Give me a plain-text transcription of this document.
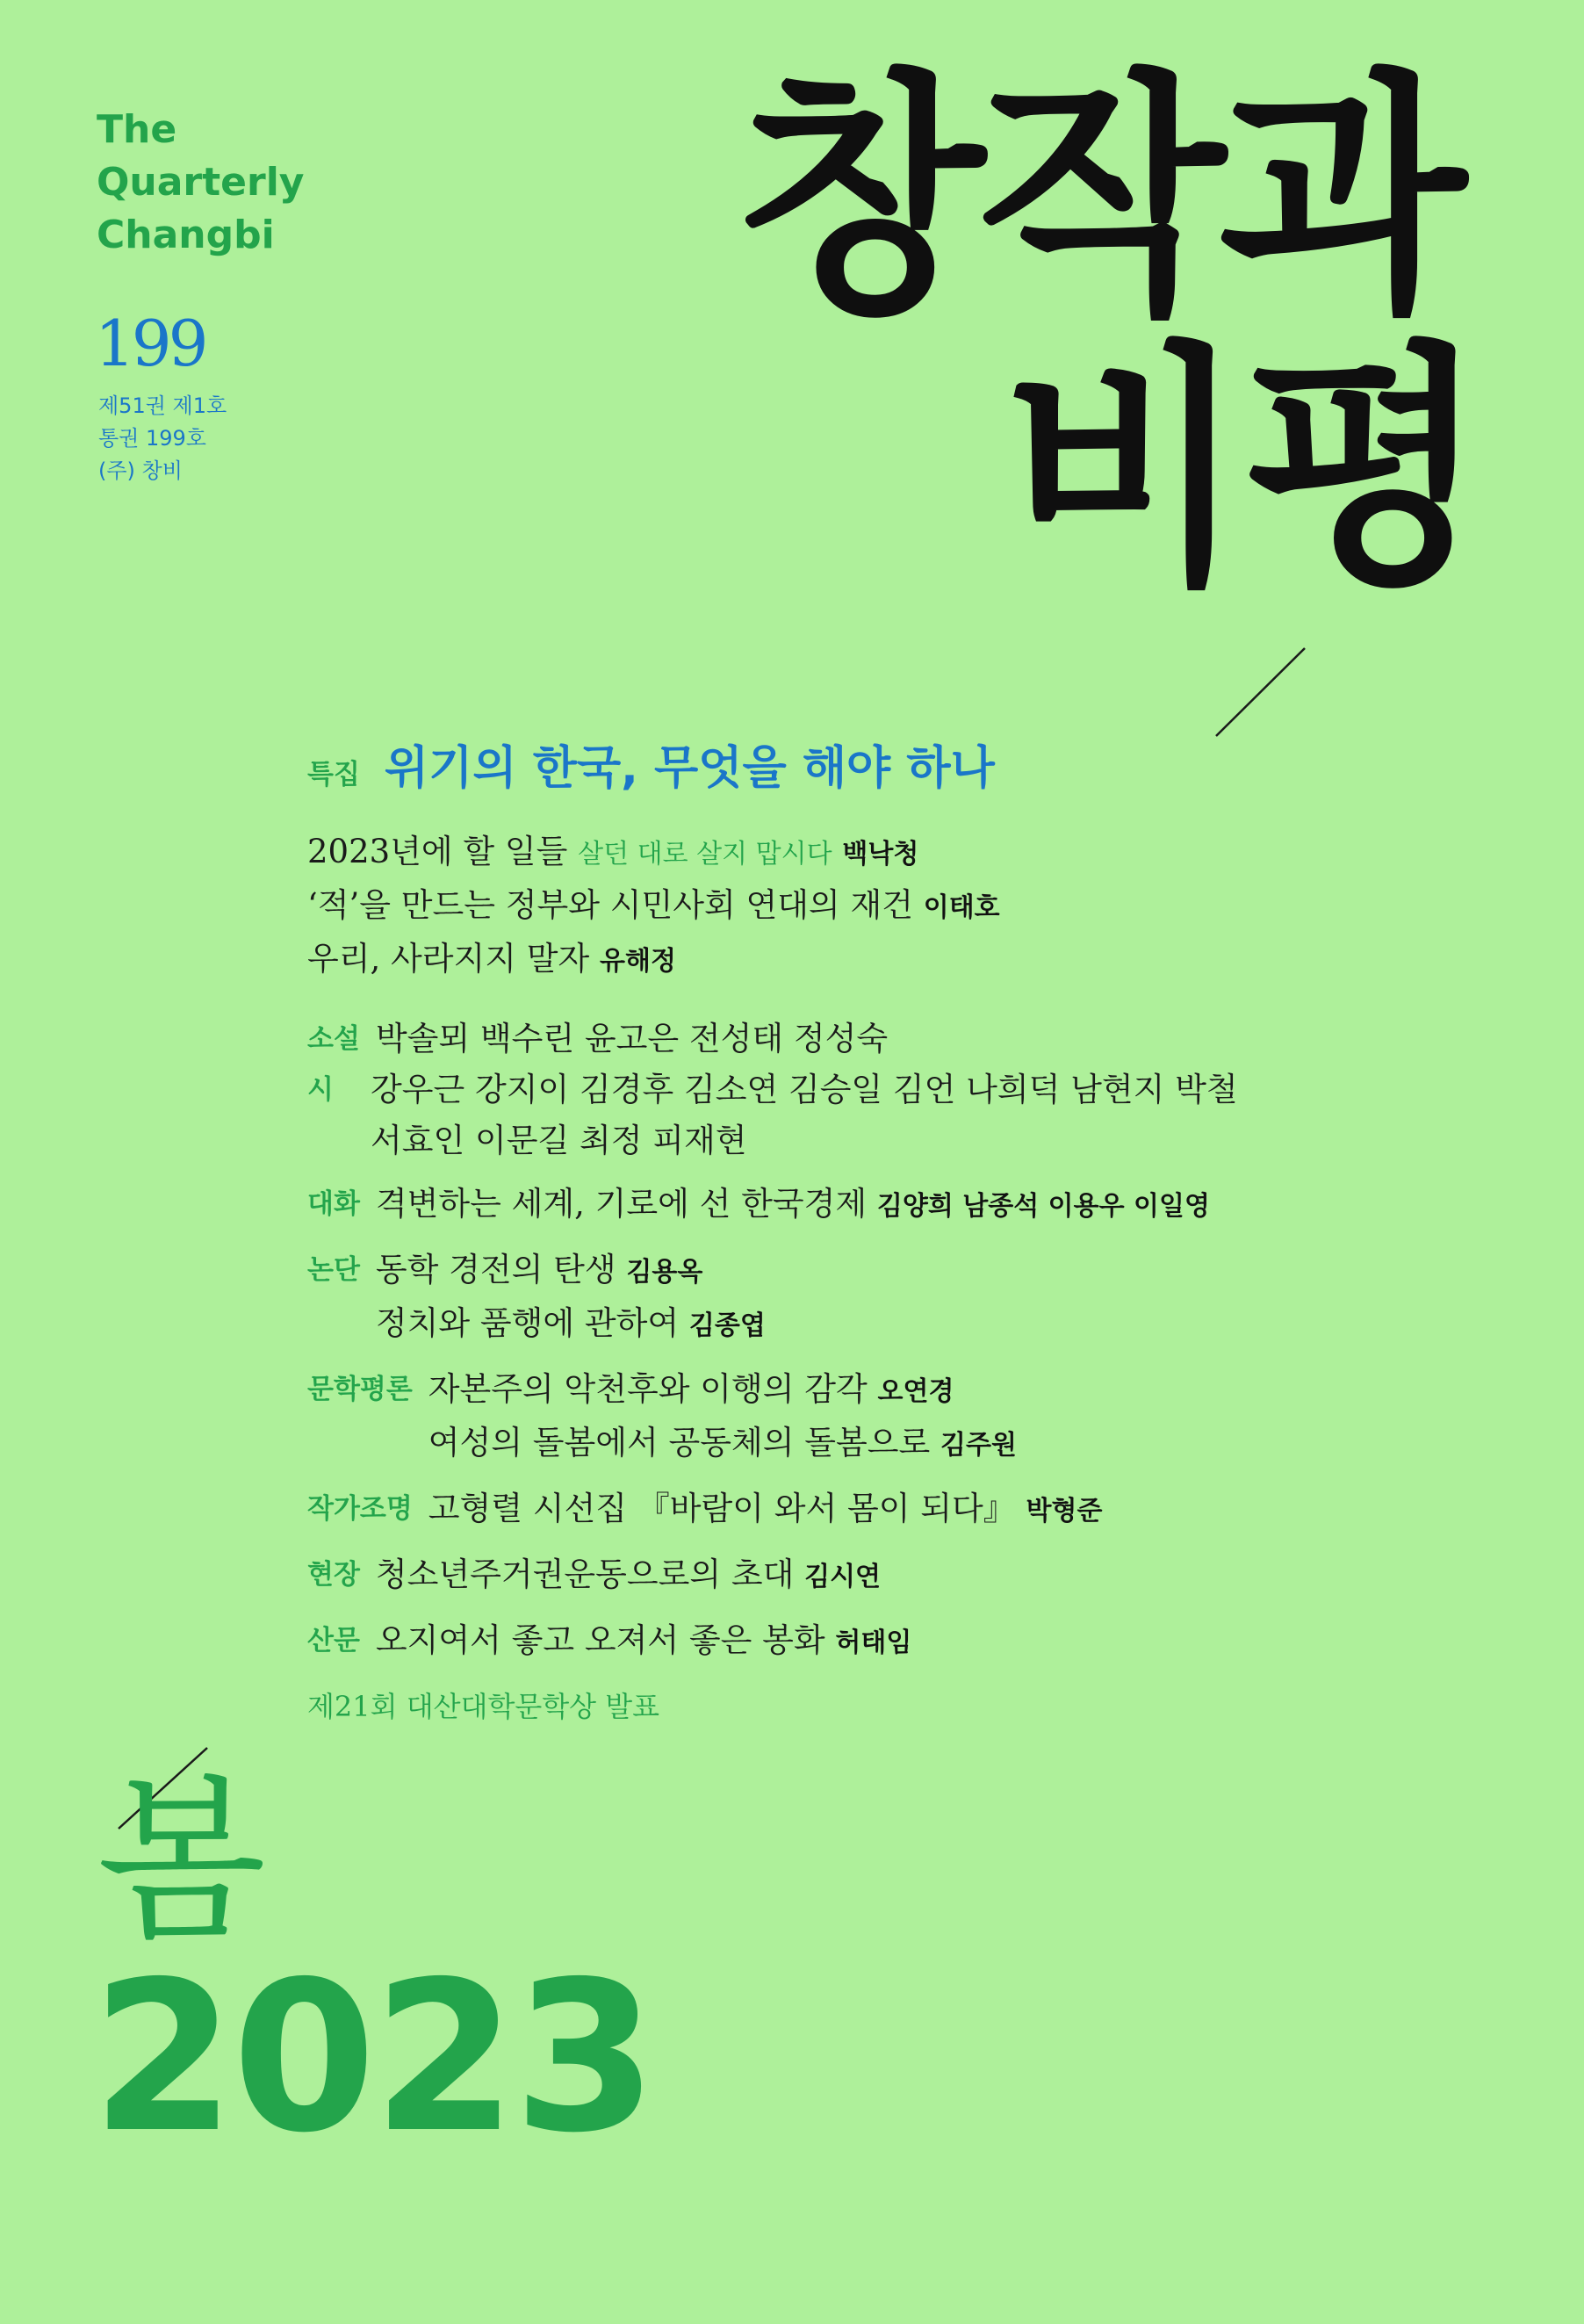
The
Quarterly
Changbi
199
제51권 제1호
통권 199호
(주) 창비
창작과
비평
특집 위기의 한국, 무엇을 해야 하나
2023년에 할 일들 살던 대로 살지 맙시다 백낙청
‘적’을 만드는 정부와 시민사회 연대의 재건 이태호
우리, 사라지지 말자 유해정
소설 박솔뫼 백수린 윤고은 전성태 정성숙
시	강우근 강지이 김경후 김소연 김승일 김언 나희덕 남현지 박철
서효인 이문길 최정 피재현
대화 격변하는 세계, 기로에 선 한국경제 김양희 남종석 이용우 이일영
논단 동학 경전의 탄생 김용옥
정치와 품행에 관하여 김종엽
문학평론 자본주의 악천후와 이행의 감각 오연경
여성의 돌봄에서 공동체의 돌봄으로 김주원
작가조명 고형렬 시선집 『바람이 와서 몸이 되다』 박형준
현장 청소년주거권운동으로의 초대 김시연
산문 오지여서 좋고 오져서 좋은 봉화 허태임
제21회 대산대학문학상 발표
봄
2023
